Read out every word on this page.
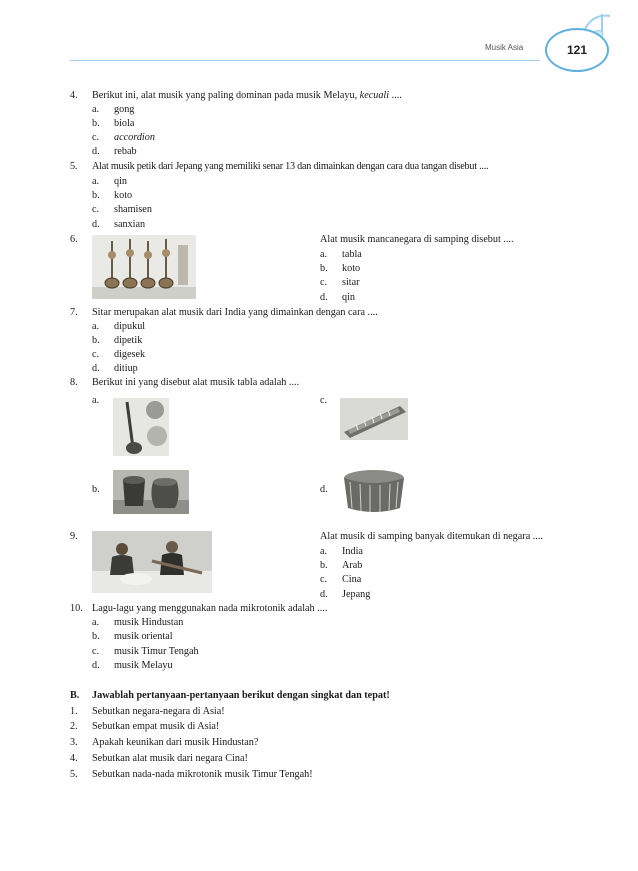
Musik Asia	121
4. Berikut ini, alat musik yang paling dominan pada musik Melayu, kecuali ....
a. gong
b. biola
c. accordion
d. rebab
5. Alat musik petik dari Jepang yang memiliki senar 13 dan dimainkan dengan cara dua tangan disebut ....
a. qin
b. koto
c. shamisen
d. sanxian
6.	Alat musik mancanegara di samping disebut ....
a. tabla
b. koto
c. sitar
d. qin
7. Sitar merupakan alat musik dari India yang dimainkan dengan cara ....
a. dipukul
b. dipetik
c. digesek
d. ditiup
8. Berikut ini yang disebut alat musik tabla adalah ....
a.	c.
b.	d.
9.	Alat musik di samping banyak ditemukan di negara ....
a. India
b. Arab
c. Cina
d. Jepang
10. Lagu-lagu yang menggunakan nada mikrotonik adalah ....
a. musik Hindustan
b. musik oriental
c. musik Timur Tengah
d. musik Melayu
B. Jawablah pertanyaan-pertanyaan berikut dengan singkat dan tepat!
1. Sebutkan negara-negara di Asia!
2. Sebutkan empat musik di Asia!
3. Apakah keunikan dari musik Hindustan?
4. Sebutkan alat musik dari negara Cina!
5. Sebutkan nada-nada mikrotonik musik Timur Tengah!
